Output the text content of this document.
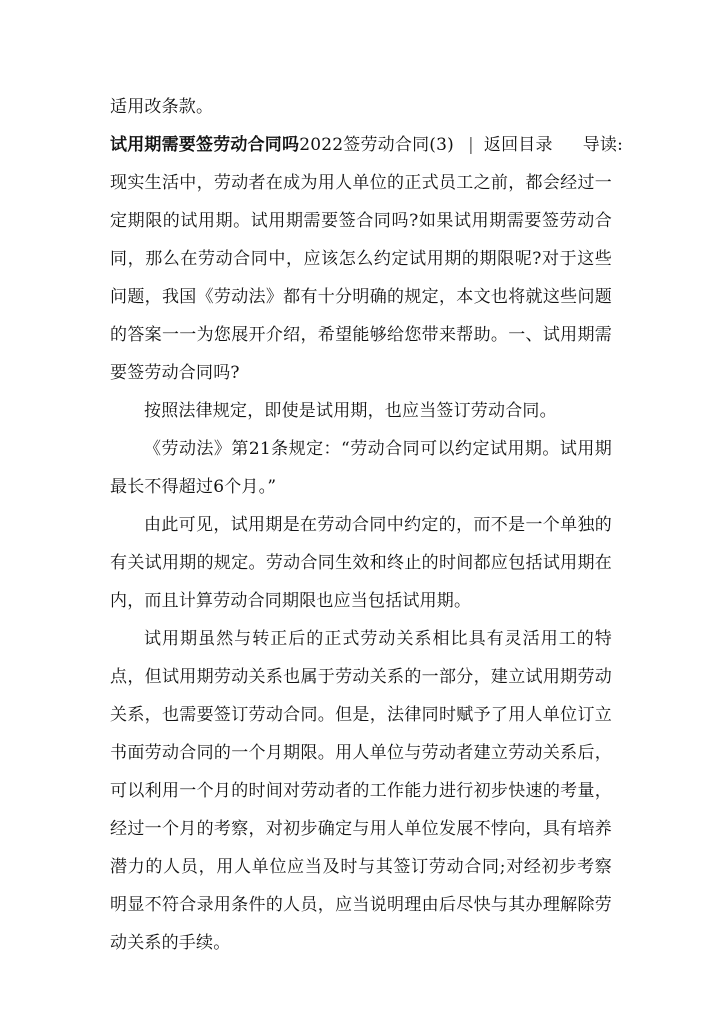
适用改条款。

试用期需要签劳动合同吗2022签劳动合同(3) | 返回目录 导读:

现实生活中，劳动者在成为用人单位的正式员工之前，都会经过一定期限的试用期。试用期需要签合同吗?如果试用期需要签劳动合同，那么在劳动合同中，应该怎么约定试用期的期限呢?对于这些问题，我国《劳动法》都有十分明确的规定，本文也将就这些问题的答案一一为您展开介绍，希望能够给您带来帮助。一、试用期需要签劳动合同吗?

按照法律规定，即使是试用期，也应当签订劳动合同。

《劳动法》第21条规定：“劳动合同可以约定试用期。试用期最长不得超过6个月。”

由此可见，试用期是在劳动合同中约定的，而不是一个单独的有关试用期的规定。劳动合同生效和终止的时间都应包括试用期在内，而且计算劳动合同期限也应当包括试用期。

试用期虽然与转正后的正式劳动关系相比具有灵活用工的特点，但试用期劳动关系也属于劳动关系的一部分，建立试用期劳动关系，也需要签订劳动合同。但是，法律同时赋予了用人单位订立书面劳动合同的一个月期限。用人单位与劳动者建立劳动关系后，可以利用一个月的时间对劳动者的工作能力进行初步快速的考量，经过一个月的考察，对初步确定与用人单位发展不悖向，具有培养潜力的人员，用人单位应当及时与其签订劳动合同;对经初步考察明显不符合录用条件的人员，应当说明理由后尽快与其办理解除劳动关系的手续。
